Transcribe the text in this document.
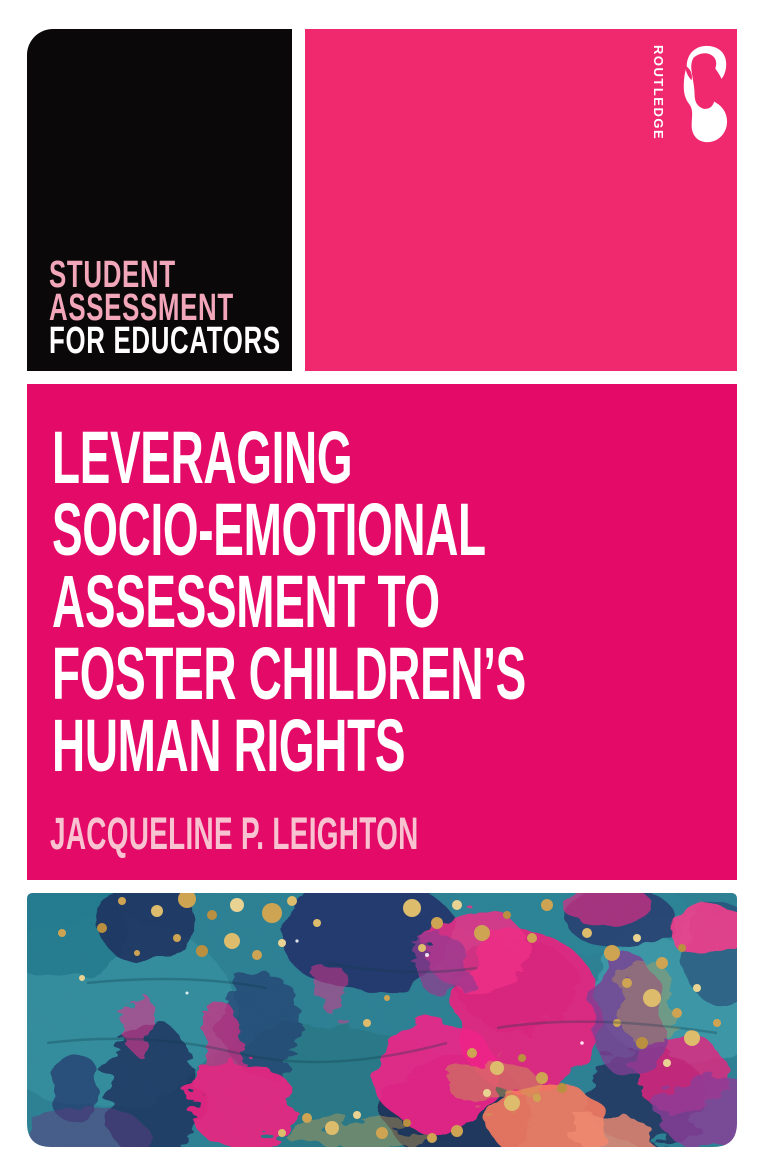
STUDENT
ASSESSMENT
FOR EDUCATORS
ROUTLEDGE
LEVERAGING
SOCIO-EMOTIONAL
ASSESSMENT TO
FOSTER CHILDREN’S
HUMAN RIGHTS
JACQUELINE P. LEIGHTON
